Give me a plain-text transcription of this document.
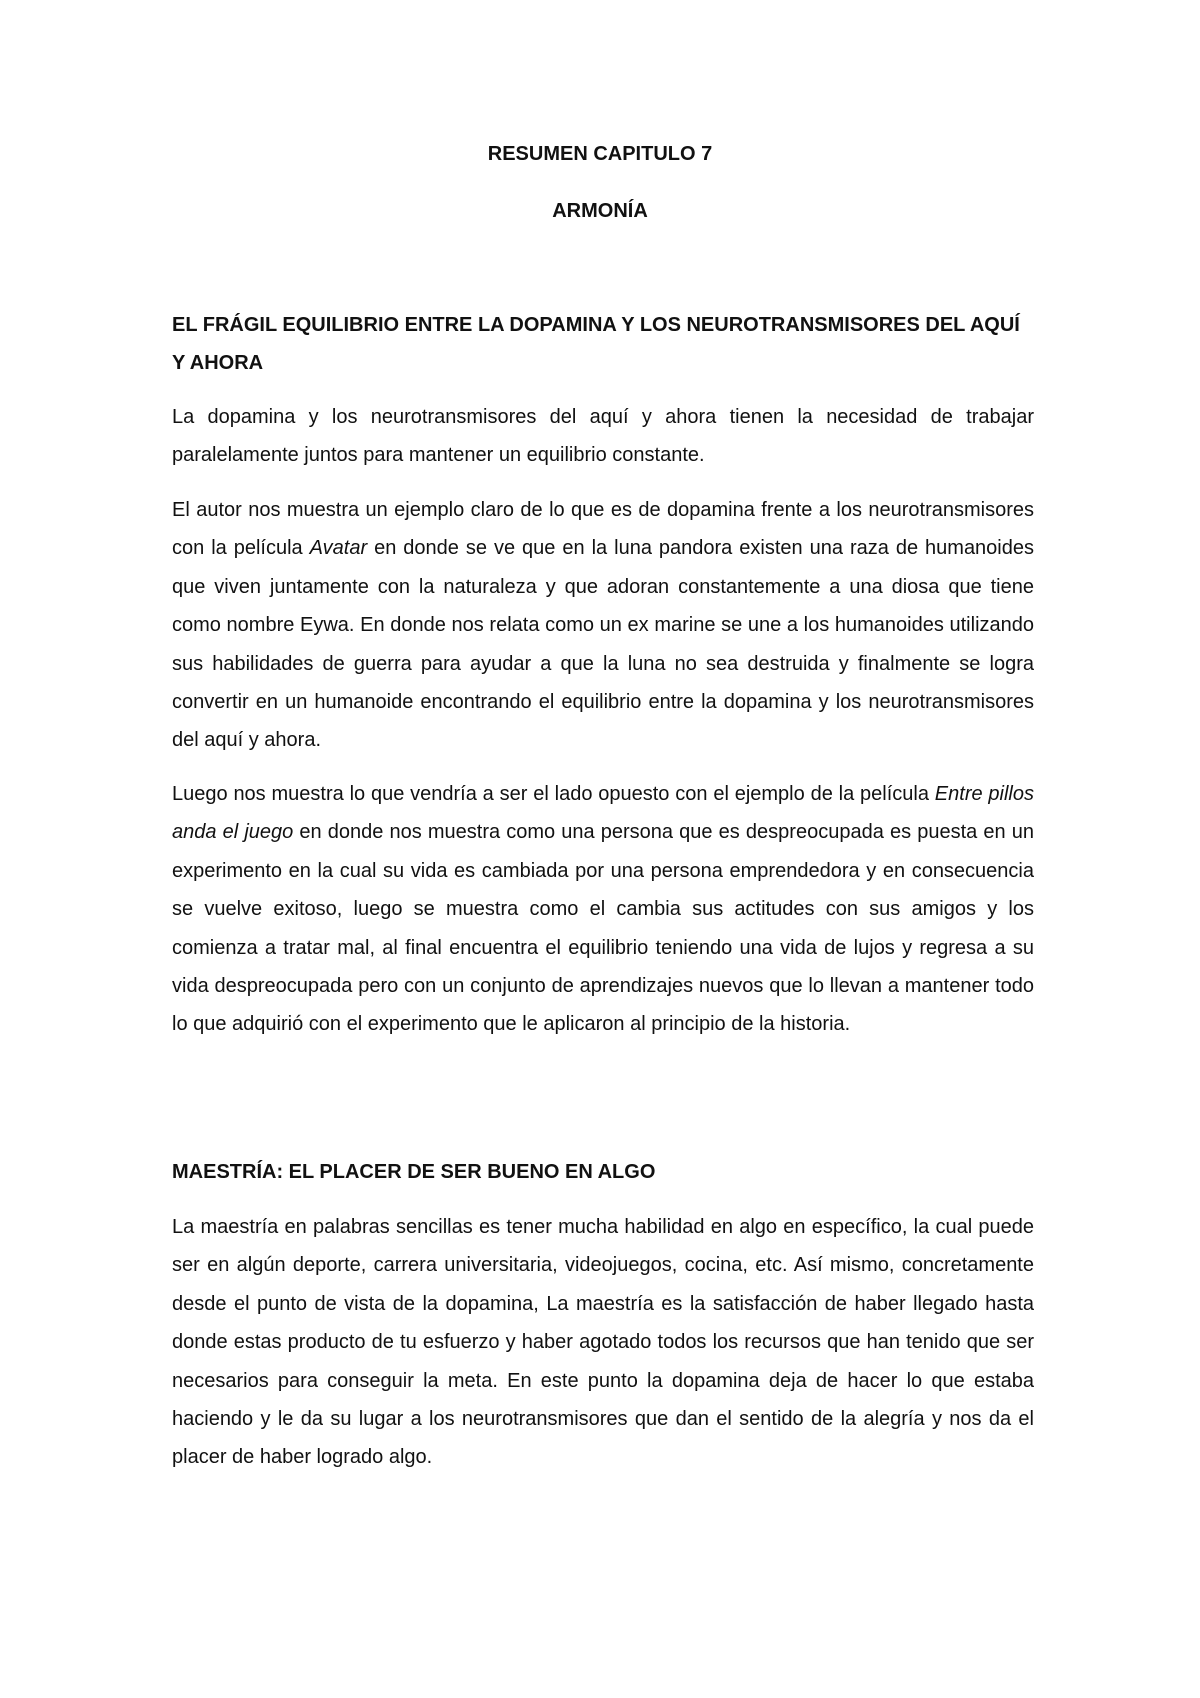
RESUMEN CAPITULO 7
ARMONÍA
EL FRÁGIL EQUILIBRIO ENTRE LA DOPAMINA Y LOS NEUROTRANSMISORES DEL AQUÍ Y AHORA

La dopamina y los neurotransmisores del aquí y ahora tienen la necesidad de trabajar paralelamente juntos para mantener un equilibrio constante.

El autor nos muestra un ejemplo claro de lo que es de dopamina frente a los neurotransmisores con la película Avatar en donde se ve que en la luna pandora existen una raza de humanoides que viven juntamente con la naturaleza y que adoran constantemente a una diosa que tiene como nombre Eywa. En donde nos relata como un ex marine se une a los humanoides utilizando sus habilidades de guerra para ayudar a que la luna no sea destruida y finalmente se logra convertir en un humanoide encontrando el equilibrio entre la dopamina y los neurotransmisores del aquí y ahora.

Luego nos muestra lo que vendría a ser el lado opuesto con el ejemplo de la película Entre pillos anda el juego en donde nos muestra como una persona que es despreocupada es puesta en un experimento en la cual su vida es cambiada por una persona emprendedora y en consecuencia se vuelve exitoso, luego se muestra como el cambia sus actitudes con sus amigos y los comienza a tratar mal, al final encuentra el equilibrio teniendo una vida de lujos y regresa a su vida despreocupada pero con un conjunto de aprendizajes nuevos que lo llevan a mantener todo lo que adquirió con el experimento que le aplicaron al principio de la historia.

MAESTRÍA: EL PLACER DE SER BUENO EN ALGO

La maestría en palabras sencillas es tener mucha habilidad en algo en específico, la cual puede ser en algún deporte, carrera universitaria, videojuegos, cocina, etc. Así mismo, concretamente desde el punto de vista de la dopamina, La maestría es la satisfacción de haber llegado hasta donde estas producto de tu esfuerzo y haber agotado todos los recursos que han tenido que ser necesarios para conseguir la meta. En este punto la dopamina deja de hacer lo que estaba haciendo y le da su lugar a los neurotransmisores que dan el sentido de la alegría y nos da el placer de haber logrado algo.
